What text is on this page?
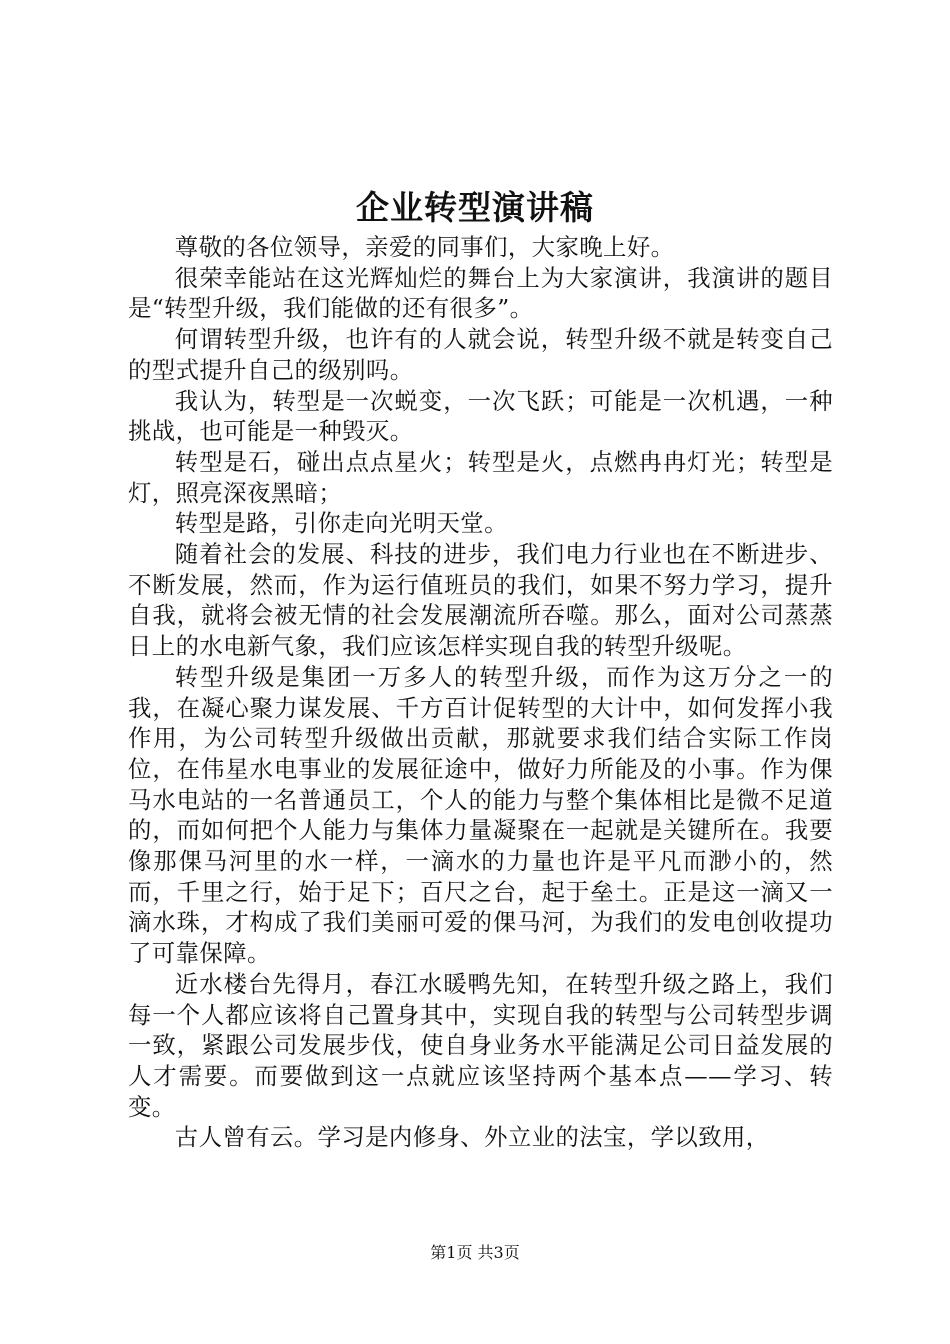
企业转型演讲稿

尊敬的各位领导，亲爱的同事们，大家晚上好。

很荣幸能站在这光辉灿烂的舞台上为大家演讲，我演讲的题目是“转型升级，我们能做的还有很多”。

何谓转型升级，也许有的人就会说，转型升级不就是转变自己的型式提升自己的级别吗。

我认为，转型是一次蜕变，一次飞跃；可能是一次机遇，一种挑战，也可能是一种毁灭。

转型是石，碰出点点星火；转型是火，点燃冉冉灯光；转型是灯，照亮深夜黑暗；

转型是路，引你走向光明天堂。

随着社会的发展、科技的进步，我们电力行业也在不断进步、不断发展，然而，作为运行值班员的我们，如果不努力学习，提升自我，就将会被无情的社会发展潮流所吞噬。那么，面对公司蒸蒸日上的水电新气象，我们应该怎样实现自我的转型升级呢。

转型升级是集团一万多人的转型升级，而作为这万分之一的我，在凝心聚力谋发展、千方百计促转型的大计中，如何发挥小我作用，为公司转型升级做出贡献，那就要求我们结合实际工作岗位，在伟星水电事业的发展征途中，做好力所能及的小事。作为倮马水电站的一名普通员工，个人的能力与整个集体相比是微不足道的，而如何把个人能力与集体力量凝聚在一起就是关键所在。我要像那倮马河里的水一样，一滴水的力量也许是平凡而渺小的，然而，千里之行，始于足下；百尺之台，起于垒土。正是这一滴又一滴水珠，才构成了我们美丽可爱的倮马河，为我们的发电创收提功了可靠保障。

近水楼台先得月，春江水暖鸭先知，在转型升级之路上，我们每一个人都应该将自己置身其中，实现自我的转型与公司转型步调一致，紧跟公司发展步伐，使自身业务水平能满足公司日益发展的人才需要。而要做到这一点就应该坚持两个基本点——学习、转变。

古人曾有云。学习是内修身、外立业的法宝，学以致用，

第1页 共3页
